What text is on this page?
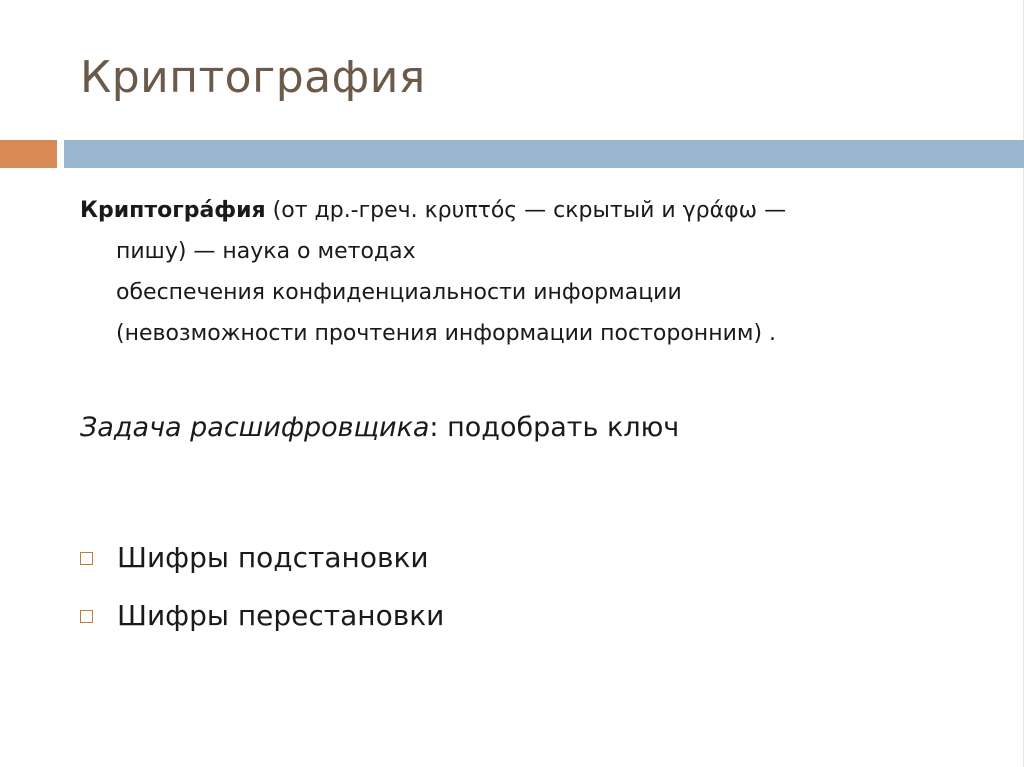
Криптография
Криптогра́фия (от др.-греч. κρυπτός — скрытый и γράφω —
пишу) — наука о методах
обеспечения конфиденциальности информации
(невозможности прочтения информации посторонним) .
Задача расшифровщика: подобрать ключ
Шифры подстановки
Шифры перестановки
